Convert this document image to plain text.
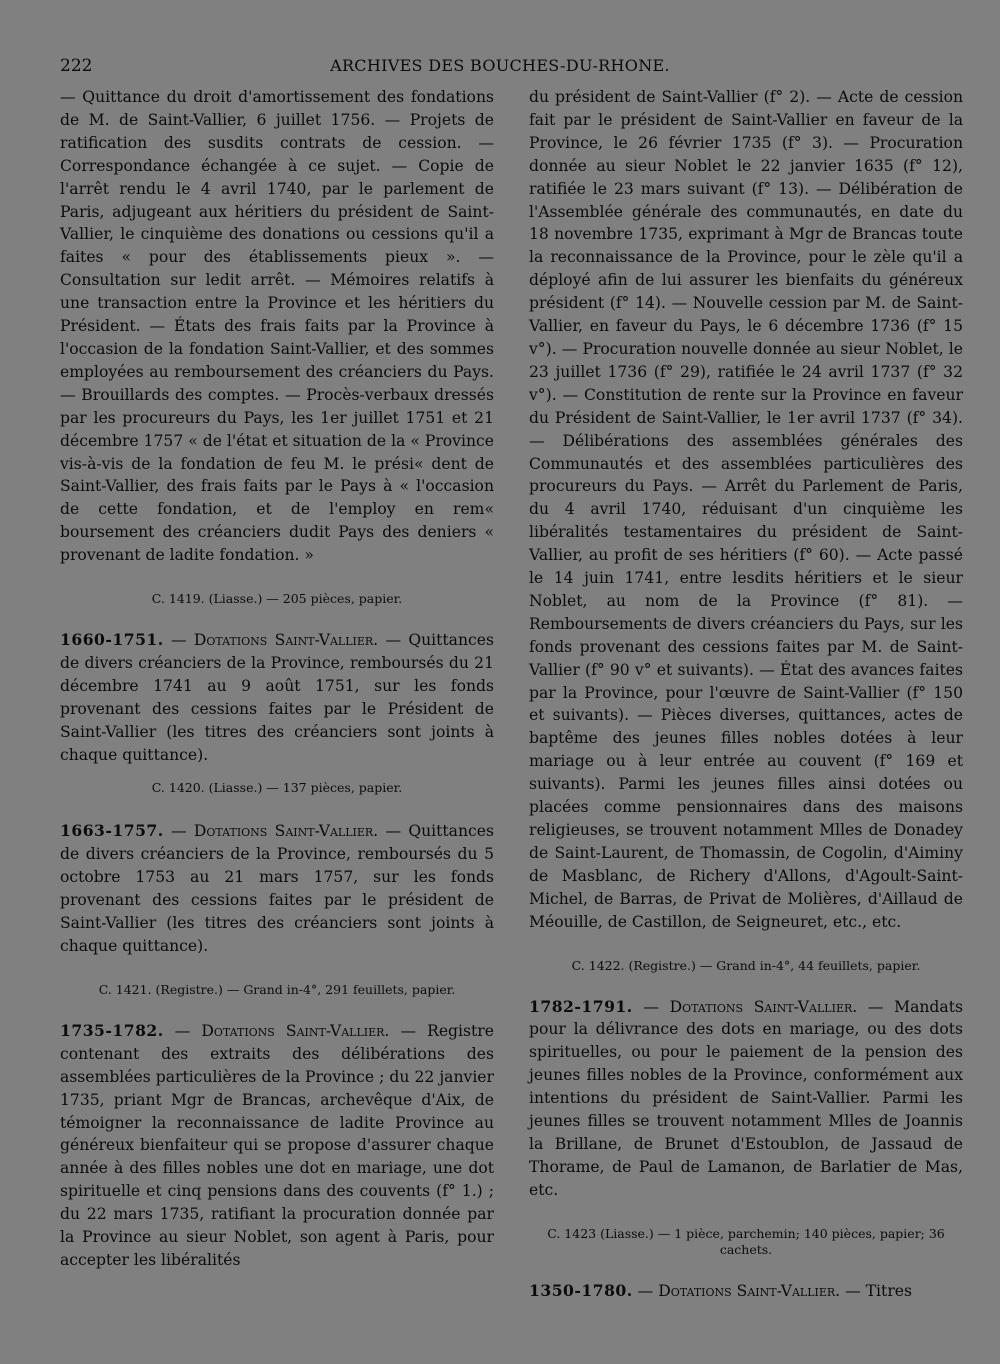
222	ARCHIVES DES BOUCHES-DU-RHONE.

— Quittance du droit d'amortissement des fondations de M. de Saint-Vallier, 6 juillet 1756. — Projets de ratification des susdits contrats de cession. — Correspondance échangée à ce sujet. — Copie de l'arrêt rendu le 4 avril 1740, par le parlement de Paris, adjugeant aux héritiers du président de Saint-Vallier, le cinquième des donations ou cessions qu'il a faites « pour des établissements pieux ». — Consultation sur ledit arrêt. — Mémoires relatifs à une transaction entre la Province et les héritiers du Président. — États des frais faits par la Province à l'occasion de la fondation Saint-Vallier, et des sommes employées au remboursement des créanciers du Pays. — Brouillards des comptes. — Procès-verbaux dressés par les procureurs du Pays, les 1er juillet 1751 et 21 décembre 1757 « de l'état et situation de la « Province vis-à-vis de la fondation de feu M. le prési« dent de Saint-Vallier, des frais faits par le Pays à « l'occasion de cette fondation, et de l'employ en rem« boursement des créanciers dudit Pays des deniers « provenant de ladite fondation. »

C. 1419. (Liasse.) — 205 pièces, papier.

1660-1751. — Dotations Saint-Vallier. — Quittances de divers créanciers de la Province, remboursés du 21 décembre 1741 au 9 août 1751, sur les fonds provenant des cessions faites par le Président de Saint-Vallier (les titres des créanciers sont joints à chaque quittance).

C. 1420. (Liasse.) — 137 pièces, papier.

1663-1757. — Dotations Saint-Vallier. — Quittances de divers créanciers de la Province, remboursés du 5 octobre 1753 au 21 mars 1757, sur les fonds provenant des cessions faites par le président de Saint-Vallier (les titres des créanciers sont joints à chaque quittance).

C. 1421. (Registre.) — Grand in-4°, 291 feuillets, papier.

1735-1782. — Dotations Saint-Vallier. — Registre contenant des extraits des délibérations des assemblées particulières de la Province ; du 22 janvier 1735, priant Mgr de Brancas, archevêque d'Aix, de témoigner la reconnaissance de ladite Province au généreux bienfaiteur qui se propose d'assurer chaque année à des filles nobles une dot en mariage, une dot spirituelle et cinq pensions dans des couvents (f° 1.) ; du 22 mars 1735, ratifiant la procuration donnée par la Province au sieur Noblet, son agent à Paris, pour accepter les libéralités

du président de Saint-Vallier (f° 2). — Acte de cession fait par le président de Saint-Vallier en faveur de la Province, le 26 février 1735 (f° 3). — Procuration donnée au sieur Noblet le 22 janvier 1635 (f° 12), ratifiée le 23 mars suivant (f° 13). — Délibération de l'Assemblée générale des communautés, en date du 18 novembre 1735, exprimant à Mgr de Brancas toute la reconnaissance de la Province, pour le zèle qu'il a déployé afin de lui assurer les bienfaits du généreux président (f° 14). — Nouvelle cession par M. de Saint-Vallier, en faveur du Pays, le 6 décembre 1736 (f° 15 v°). — Procuration nouvelle donnée au sieur Noblet, le 23 juillet 1736 (f° 29), ratifiée le 24 avril 1737 (f° 32 v°). — Constitution de rente sur la Province en faveur du Président de Saint-Vallier, le 1er avril 1737 (f° 34). — Délibérations des assemblées générales des Communautés et des assemblées particulières des procureurs du Pays. — Arrêt du Parlement de Paris, du 4 avril 1740, réduisant d'un cinquième les libéralités testamentaires du président de Saint-Vallier, au profit de ses héritiers (f° 60). — Acte passé le 14 juin 1741, entre lesdits héritiers et le sieur Noblet, au nom de la Province (f° 81). — Remboursements de divers créanciers du Pays, sur les fonds provenant des cessions faites par M. de Saint-Vallier (f° 90 v° et suivants). — État des avances faites par la Province, pour l'œuvre de Saint-Vallier (f° 150 et suivants). — Pièces diverses, quittances, actes de baptême des jeunes filles nobles dotées à leur mariage ou à leur entrée au couvent (f° 169 et suivants). Parmi les jeunes filles ainsi dotées ou placées comme pensionnaires dans des maisons religieuses, se trouvent notamment Mlles de Donadey de Saint-Laurent, de Thomassin, de Cogolin, d'Aiminy de Masblanc, de Richery d'Allons, d'Agoult-Saint-Michel, de Barras, de Privat de Molières, d'Aillaud de Méouille, de Castillon, de Seigneuret, etc., etc.

C. 1422. (Registre.) — Grand in-4°, 44 feuillets, papier.

1782-1791. — Dotations Saint-Vallier. — Mandats pour la délivrance des dots en mariage, ou des dots spirituelles, ou pour le paiement de la pension des jeunes filles nobles de la Province, conformément aux intentions du président de Saint-Vallier. Parmi les jeunes filles se trouvent notamment Mlles de Joannis la Brillane, de Brunet d'Estoublon, de Jassaud de Thorame, de Paul de Lamanon, de Barlatier de Mas, etc.

C. 1423 (Liasse.) — 1 pièce, parchemin; 140 pièces, papier; 36 cachets.

1350-1780. — Dotations Saint-Vallier. — Titres
